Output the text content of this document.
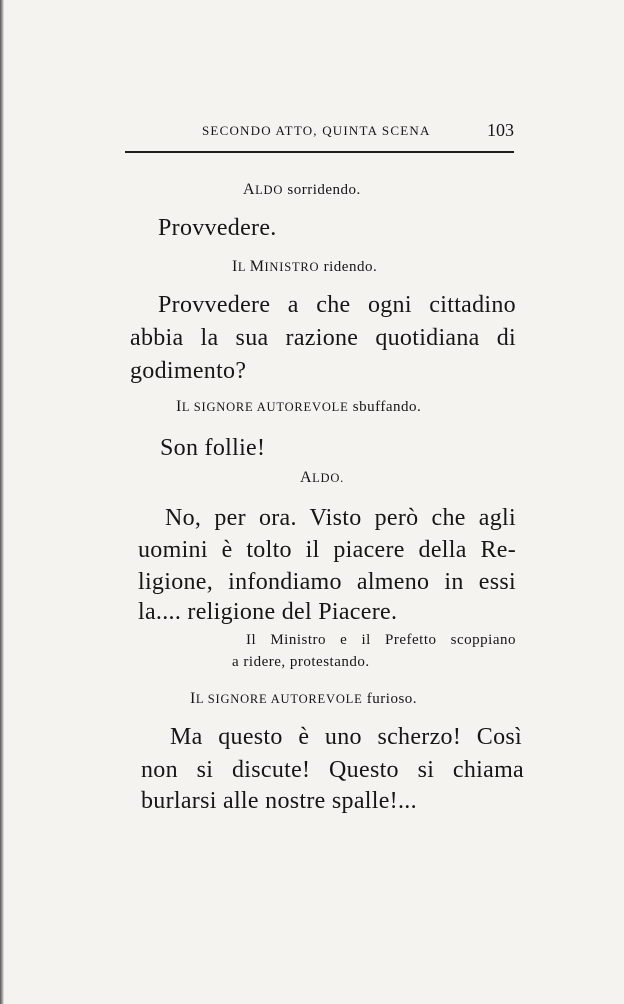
SECONDO ATTO, QUINTA SCENA	103
ALDO sorridendo.
Provvedere.
IL MINISTRO ridendo.
Provvedere a che ogni cittadino
abbia la sua razione quotidiana di
godimento?
IL SIGNORE AUTOREVOLE sbuffando.
Son follie!
ALDO.
No, per ora. Visto però che agli
uomini è tolto il piacere della Re-
ligione, infondiamo almeno in essi
la.... religione del Piacere.
Il Ministro e il Prefetto scoppiano
a ridere, protestando.
IL SIGNORE AUTOREVOLE furioso.
Ma questo è uno scherzo! Così
non si discute! Questo si chiama
burlarsi alle nostre spalle!...
